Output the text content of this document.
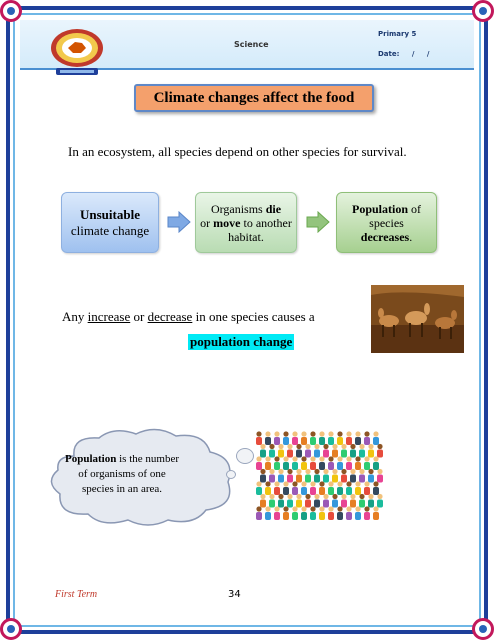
Science
Primary 5
Date: / /
Climate changes affect the food
In an ecosystem, all species depend on other species for survival.
Unsuitable
climate change
Organisms die
or move to another habitat.
Population of species
decreases.
Any increase or decrease in one species causes a
population change
Population is the number of organisms of one species in an area.
First Term	34
